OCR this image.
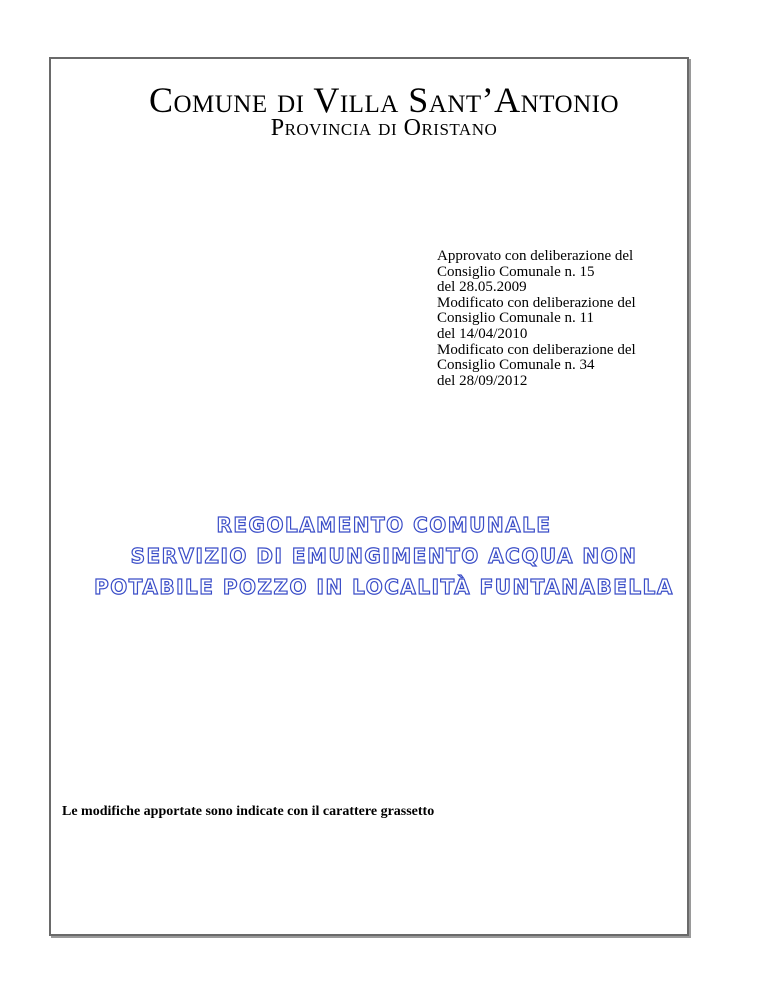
Comune di Villa Sant’Antonio
Provincia di Oristano
Approvato con deliberazione del
Consiglio Comunale n. 15
del 28.05.2009
Modificato con deliberazione del
Consiglio Comunale n. 11
del 14/04/2010
Modificato con deliberazione del
Consiglio Comunale n. 34
del 28/09/2012
REGOLAMENTO COMUNALE
SERVIZIO DI EMUNGIMENTO ACQUA NON
POTABILE POZZO IN LOCALITÀ FUNTANABELLA
Le modifiche apportate sono indicate con il carattere grassetto
